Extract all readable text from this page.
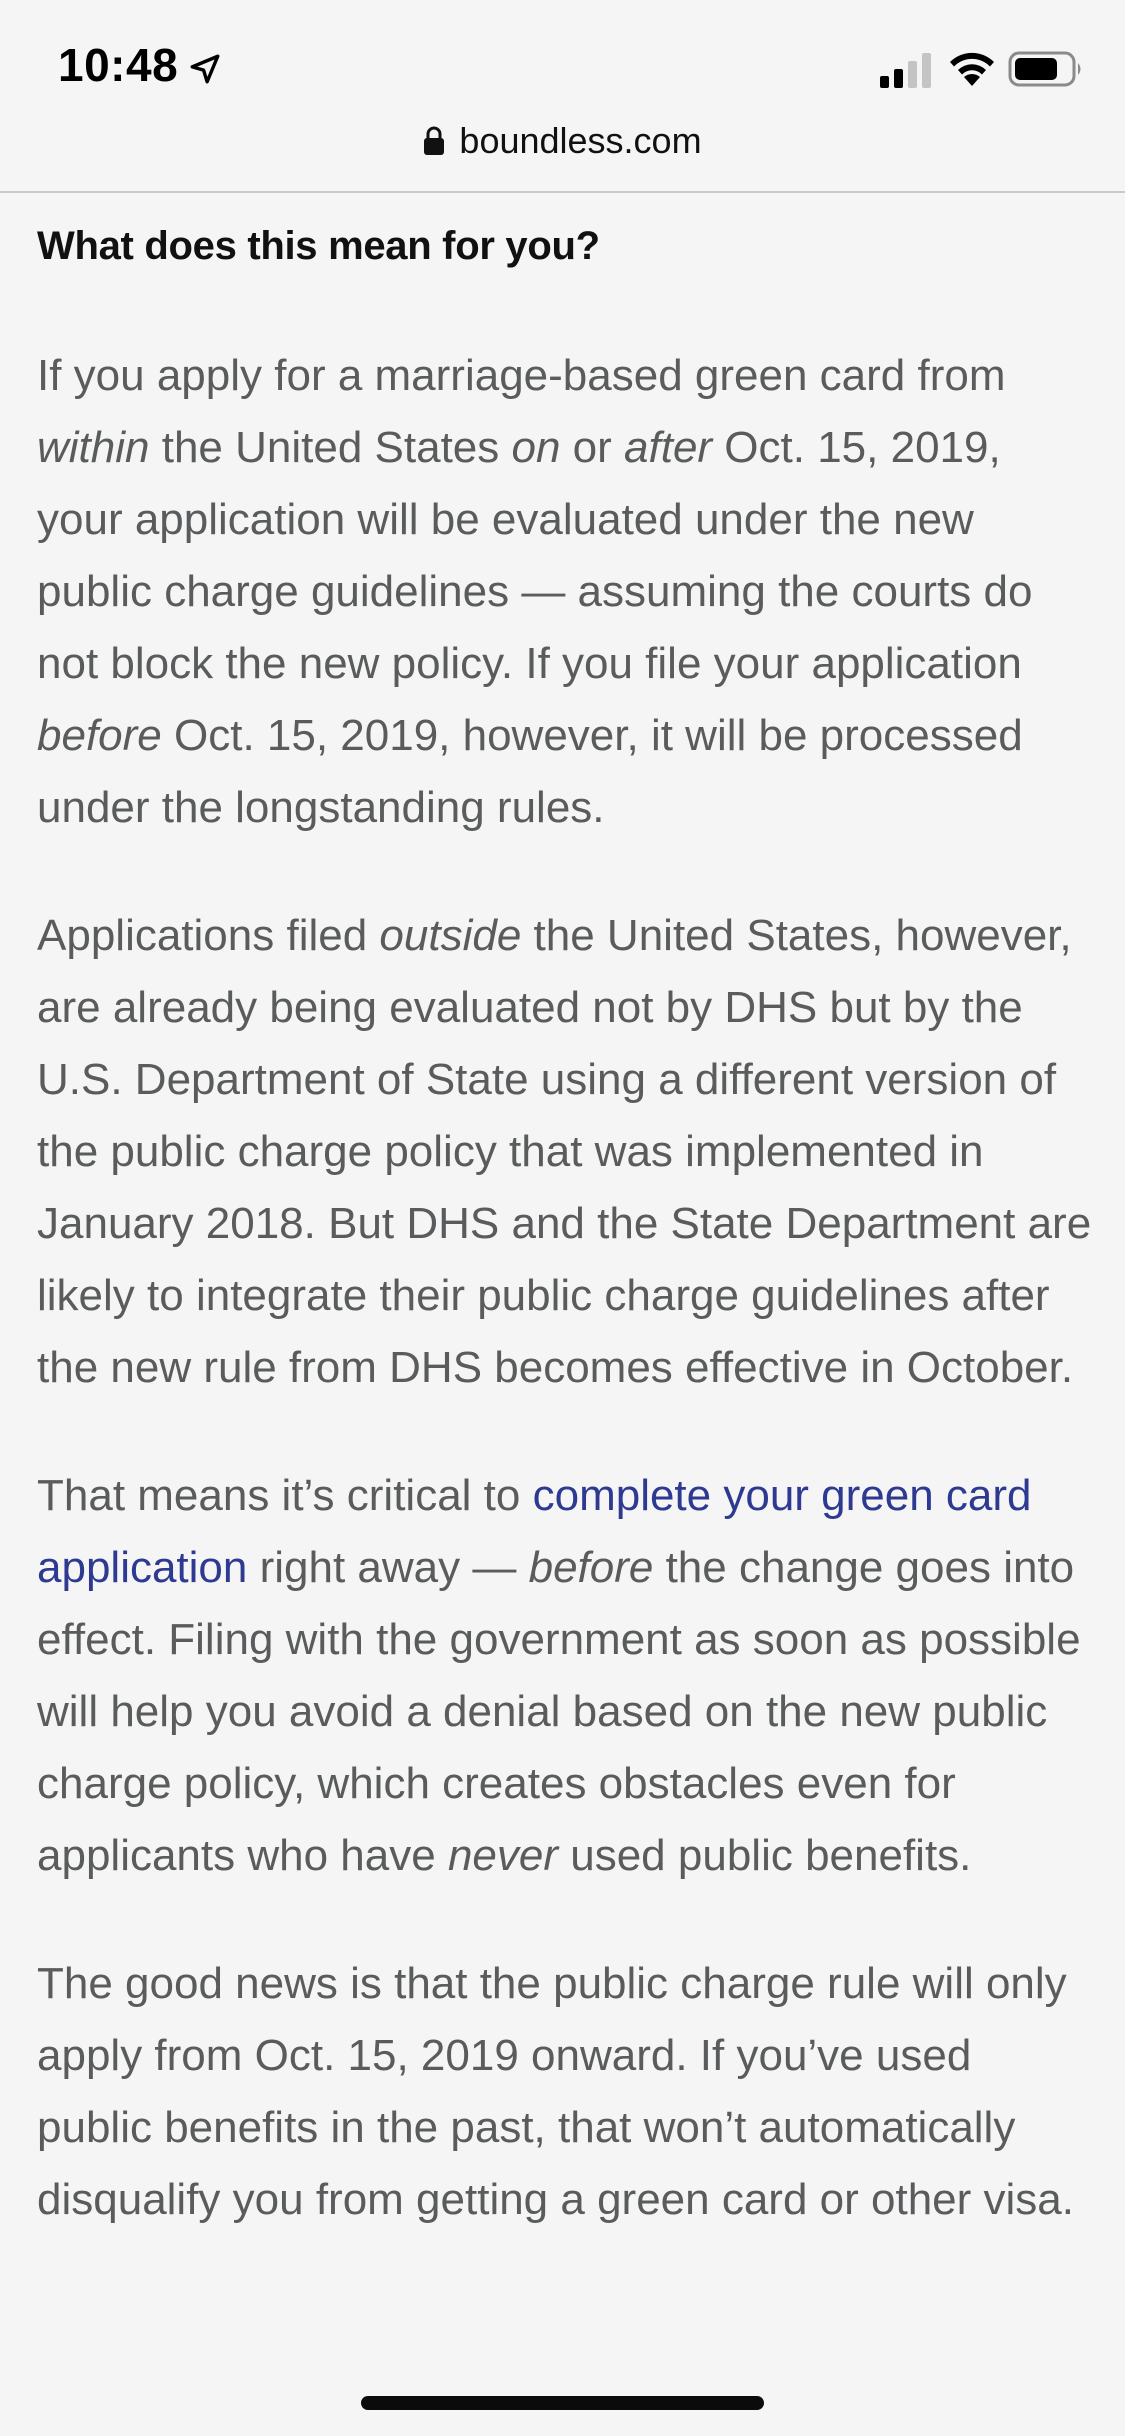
10:48
boundless.com
What does this mean for you?

If you apply for a marriage-based green card from within the United States on or after Oct. 15, 2019, your application will be evaluated under the new public charge guidelines — assuming the courts do not block the new policy. If you file your application before Oct. 15, 2019, however, it will be processed under the longstanding rules.

Applications filed outside the United States, however, are already being evaluated not by DHS but by the U.S. Department of State using a different version of the public charge policy that was implemented in January 2018. But DHS and the State Department are likely to integrate their public charge guidelines after the new rule from DHS becomes effective in October.

That means it’s critical to complete your green card application right away — before the change goes into effect. Filing with the government as soon as possible will help you avoid a denial based on the new public charge policy, which creates obstacles even for applicants who have never used public benefits.

The good news is that the public charge rule will only apply from Oct. 15, 2019 onward. If you’ve used public benefits in the past, that won’t automatically disqualify you from getting a green card or other visa.
